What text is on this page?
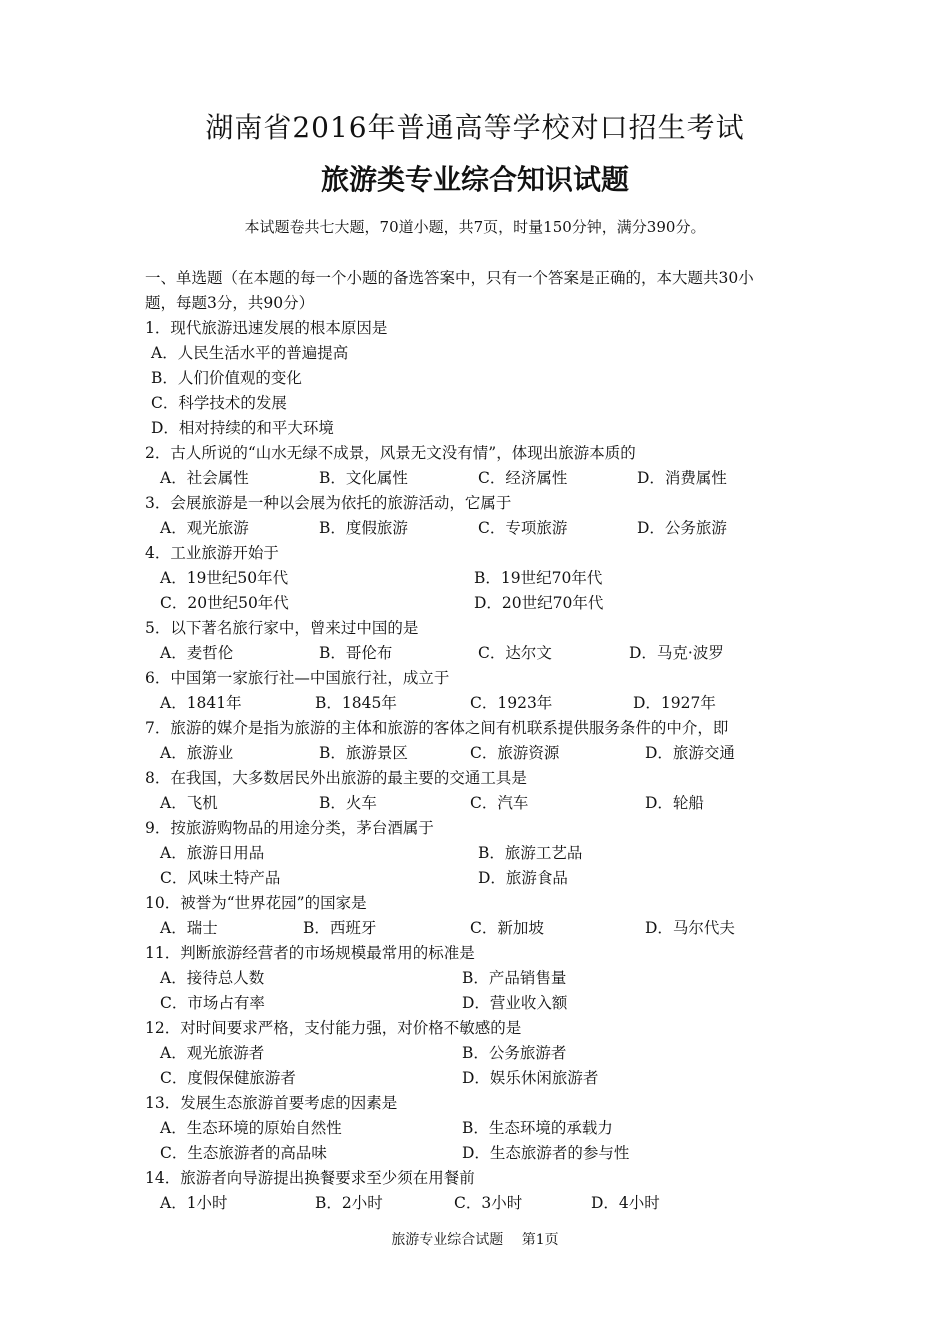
湖南省2016年普通高等学校对口招生考试
旅游类专业综合知识试题
本试题卷共七大题，70道小题，共7页，时量150分钟，满分390分。
一、单选题（在本题的每一个小题的备选答案中，只有一个答案是正确的，本大题共30小
题，每题3分，共90分）
1．现代旅游迅速发展的根本原因是
A．人民生活水平的普遍提高
B．人们价值观的变化
C．科学技术的发展
D．相对持续的和平大环境
2．古人所说的“山水无绿不成景，风景无文没有情”，体现出旅游本质的
A．社会属性	B．文化属性	C．经济属性	D．消费属性
3．会展旅游是一种以会展为依托的旅游活动，它属于
A．观光旅游	B．度假旅游	C．专项旅游	D．公务旅游
4．工业旅游开始于
A．19世纪50年代	B．19世纪70年代
C．20世纪50年代	D．20世纪70年代
5．以下著名旅行家中，曾来过中国的是
A．麦哲伦	B．哥伦布	C．达尔文	D．马克·波罗
6．中国第一家旅行社—中国旅行社，成立于
A．1841年	B．1845年	C．1923年	D．1927年
7．旅游的媒介是指为旅游的主体和旅游的客体之间有机联系提供服务条件的中介，即
A．旅游业	B．旅游景区	C．旅游资源	D．旅游交通
8．在我国，大多数居民外出旅游的最主要的交通工具是
A．飞机	B．火车	C．汽车	D．轮船
9．按旅游购物品的用途分类，茅台酒属于
A．旅游日用品	B．旅游工艺品
C．风味土特产品	D．旅游食品
10．被誉为“世界花园”的国家是
A．瑞士	B．西班牙	C．新加坡	D．马尔代夫
11．判断旅游经营者的市场规模最常用的标准是
A．接待总人数	B．产品销售量
C．市场占有率	D．营业收入额
12．对时间要求严格，支付能力强，对价格不敏感的是
A．观光旅游者	B．公务旅游者
C．度假保健旅游者	D．娱乐休闲旅游者
13．发展生态旅游首要考虑的因素是
A．生态环境的原始自然性	B．生态环境的承载力
C．生态旅游者的高品味	D．生态旅游者的参与性
14．旅游者向导游提出换餐要求至少须在用餐前
A．1小时	B．2小时	C．3小时	D．4小时
旅游专业综合试题　 第1页
